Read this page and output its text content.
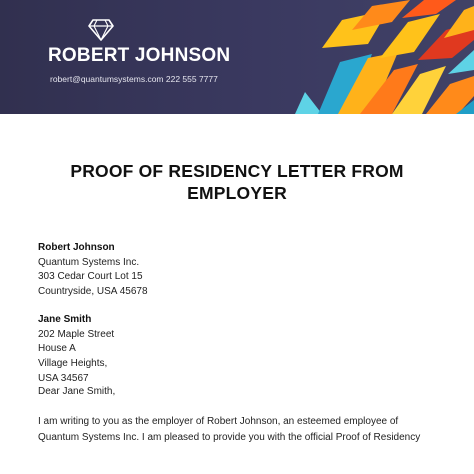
ROBERT JOHNSON
robert@quantumsystems.com 222 555 7777
PROOF OF RESIDENCY LETTER FROM
EMPLOYER
Robert Johnson
Quantum Systems Inc.
303 Cedar Court Lot 15
Countryside, USA 45678
Jane Smith
202 Maple Street
House A
Village Heights,
USA 34567
Dear Jane Smith,
I am writing to you as the employer of Robert Johnson, an esteemed employee of
Quantum Systems Inc. I am pleased to provide you with the official Proof of Residency
